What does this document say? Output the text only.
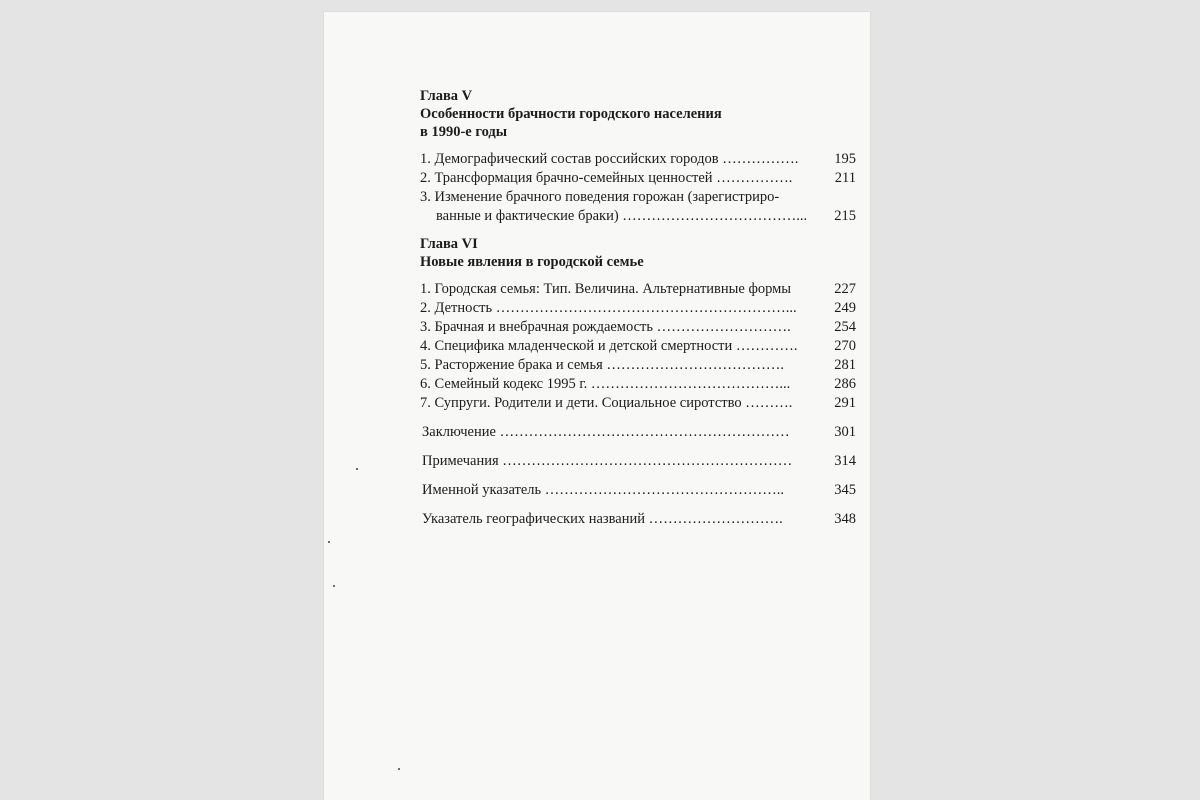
Глава V
Особенности брачности городского населения
в 1990-е годы
1. Демографический состав российских городов …………….	195
2. Трансформация брачно-семейных ценностей …………….	211
3. Изменение брачного поведения горожан (зарегистриро-
ванные и фактические браки) ………………………………...	215
Глава VI
Новые явления в городской семье
1. Городская семья: Тип. Величина. Альтернативные формы	227
2. Детность ……………………………………………………...	249
3. Брачная и внебрачная рождаемость ……………………….	254
4. Специфика младенческой и детской смертности ………….	270
5. Расторжение брака и семья ……………………………….	281
6. Семейный кодекс 1995 г. …………………………………...	286
7. Супруги. Родители и дети. Социальное сиротство ……….	291
Заключение ……………………………………………………	301
Примечания ……………………………………………………	314
Именной указатель …………………………………………..	345
Указатель географических названий ……………………….	348
